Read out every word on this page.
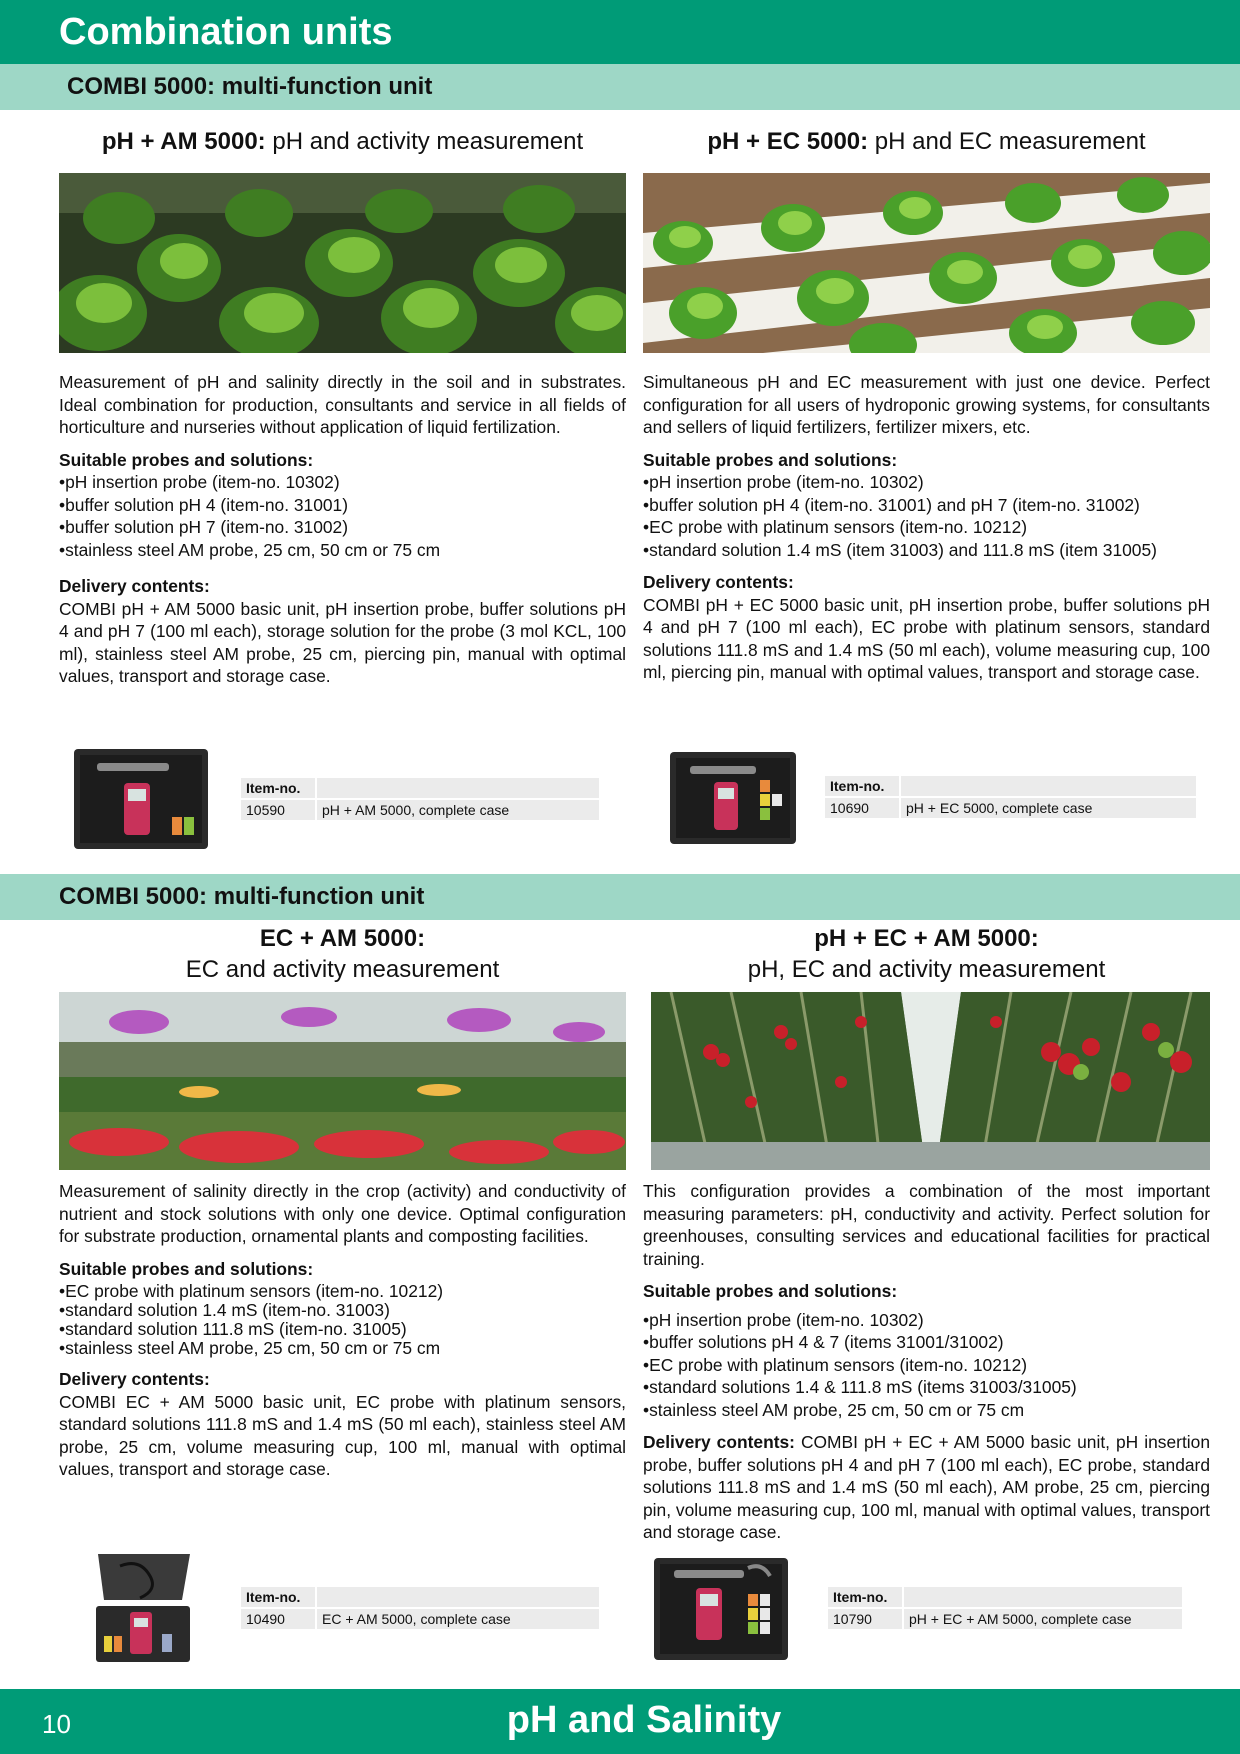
Combination units
COMBI 5000: multi-function unit
pH + AM 5000: pH and activity measurement

Measurement of pH and salinity directly in the soil and in substrates. Ideal combination for production, consultants and service in all fields of horticulture and nurseries without application of liquid fertilization.

Suitable probes and solutions:

• pH insertion probe (item-no. 10302)
• buffer solution pH 4 (item-no. 31001)
• buffer solution pH 7 (item-no. 31002)
• stainless steel AM probe, 25 cm, 50 cm or 75 cm

Delivery contents:

COMBI pH + AM 5000 basic unit, pH insertion probe, buffer solutions pH 4 and pH 7 (100 ml each), storage solution for the probe (3 mol KCL, 100 ml), stainless steel AM probe, 25 cm, piercing pin, manual with optimal values, transport and storage case.

Item-no.	
10590	pH + AM 5000, complete case
pH + EC 5000: pH and EC measurement

Simultaneous pH and EC measurement with just one device. Perfect configuration for all users of hydroponic growing systems, for consultants and sellers of liquid fertilizers, fertilizer mixers, etc.

Suitable probes and solutions:

• pH insertion probe (item-no. 10302)
• buffer solution pH 4 (item-no. 31001) and pH 7 (item-no. 31002)
• EC probe with platinum sensors (item-no. 10212)
• standard solution 1.4 mS (item 31003) and 111.8 mS (item 31005)

Delivery contents:

COMBI pH + EC 5000 basic unit, pH insertion probe, buffer solutions pH 4 and pH 7 (100 ml each), EC probe with platinum sensors, standard solutions 111.8 mS and 1.4 mS (50 ml each), volume measuring cup, 100 ml, piercing pin, manual with optimal values, transport and storage case.

Item-no.	
10690	pH + EC 5000, complete case
COMBI 5000: multi-function unit
EC + AM 5000:
EC and activity measurement

Measurement of salinity directly in the crop (activity) and conductivity of nutrient and stock solutions with only one device. Optimal configuration for substrate production, ornamental plants and composting facilities.

Suitable probes and solutions:

• EC probe with platinum sensors (item-no. 10212)
• standard solution 1.4 mS (item-no. 31003)
• standard solution 111.8 mS (item-no. 31005)
• stainless steel AM probe, 25 cm, 50 cm or 75 cm

Delivery contents:

COMBI EC + AM 5000 basic unit, EC probe with platinum sensors, standard solutions 111.8 mS and 1.4 mS (50 ml each), stainless steel AM probe, 25 cm, volume measuring cup, 100 ml, manual with optimal values, transport and storage case.

Item-no.	
10490	EC + AM 5000, complete case
pH + EC + AM 5000:
pH, EC and activity measurement

This configuration provides a combination of the most important measuring parameters: pH, conductivity and activity. Perfect solution for greenhouses, consulting services and educational facilities for practical training.

Suitable probes and solutions:

• pH insertion probe (item-no. 10302)
• buffer solutions pH 4 & 7 (items 31001/31002)
• EC probe with platinum sensors (item-no. 10212)
• standard solutions 1.4 & 111.8 mS (items 31003/31005)
• stainless steel AM probe, 25 cm, 50 cm or 75 cm

Delivery contents: COMBI pH + EC + AM 5000 basic unit, pH insertion probe, buffer solutions pH 4 and pH 7 (100 ml each), EC probe, standard solutions 111.8 mS and 1.4 mS (50 ml each), AM probe, 25 cm, piercing pin, volume measuring cup, 100 ml, manual with optimal values, transport and storage case.

Item-no.	
10790	pH + EC + AM 5000, complete case
10	pH and Salinity
